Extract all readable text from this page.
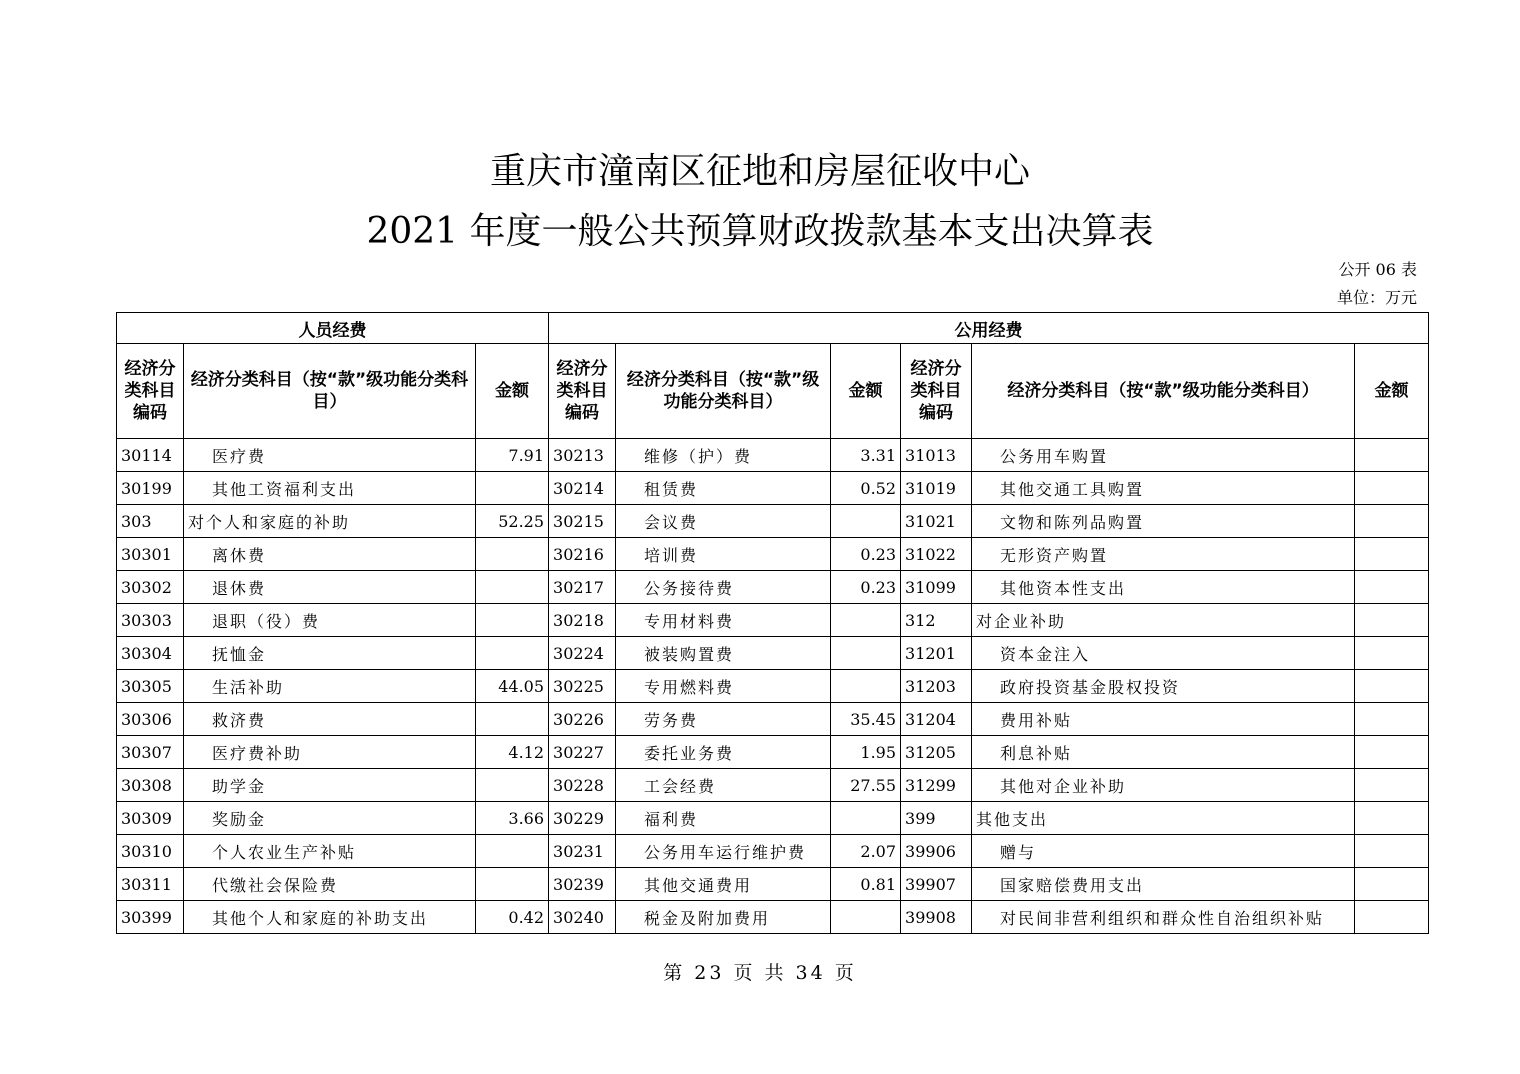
重庆市潼南区征地和房屋征收中心
2021 年度一般公共预算财政拨款基本支出决算表
公开 06 表
单位：万元
人员经费			公用经费					
经济分类科目编码	经济分类科目（按“款”级功能分类科目）	金额	经济分类科目编码	经济分类科目（按“款”级功能分类科目）	金额	经济分类科目编码	经济分类科目（按“款”级功能分类科目）	金额
30114	医疗费	7.91	30213	维修（护）费	3.31	31013	公务用车购置	
30199	其他工资福利支出		30214	租赁费	0.52	31019	其他交通工具购置	
303	对个人和家庭的补助	52.25	30215	会议费		31021	文物和陈列品购置	
30301	离休费		30216	培训费	0.23	31022	无形资产购置	
30302	退休费		30217	公务接待费	0.23	31099	其他资本性支出	
30303	退职（役）费		30218	专用材料费		312	对企业补助	
30304	抚恤金		30224	被装购置费		31201	资本金注入	
30305	生活补助	44.05	30225	专用燃料费		31203	政府投资基金股权投资	
30306	救济费		30226	劳务费	35.45	31204	费用补贴	
30307	医疗费补助	4.12	30227	委托业务费	1.95	31205	利息补贴	
30308	助学金		30228	工会经费	27.55	31299	其他对企业补助	
30309	奖励金	3.66	30229	福利费		399	其他支出	
30310	个人农业生产补贴		30231	公务用车运行维护费	2.07	39906	赠与	
30311	代缴社会保险费		30239	其他交通费用	0.81	39907	国家赔偿费用支出	
30399	其他个人和家庭的补助支出	0.42	30240	税金及附加费用		39908	对民间非营利组织和群众性自治组织补贴	
第 23 页 共 34 页
